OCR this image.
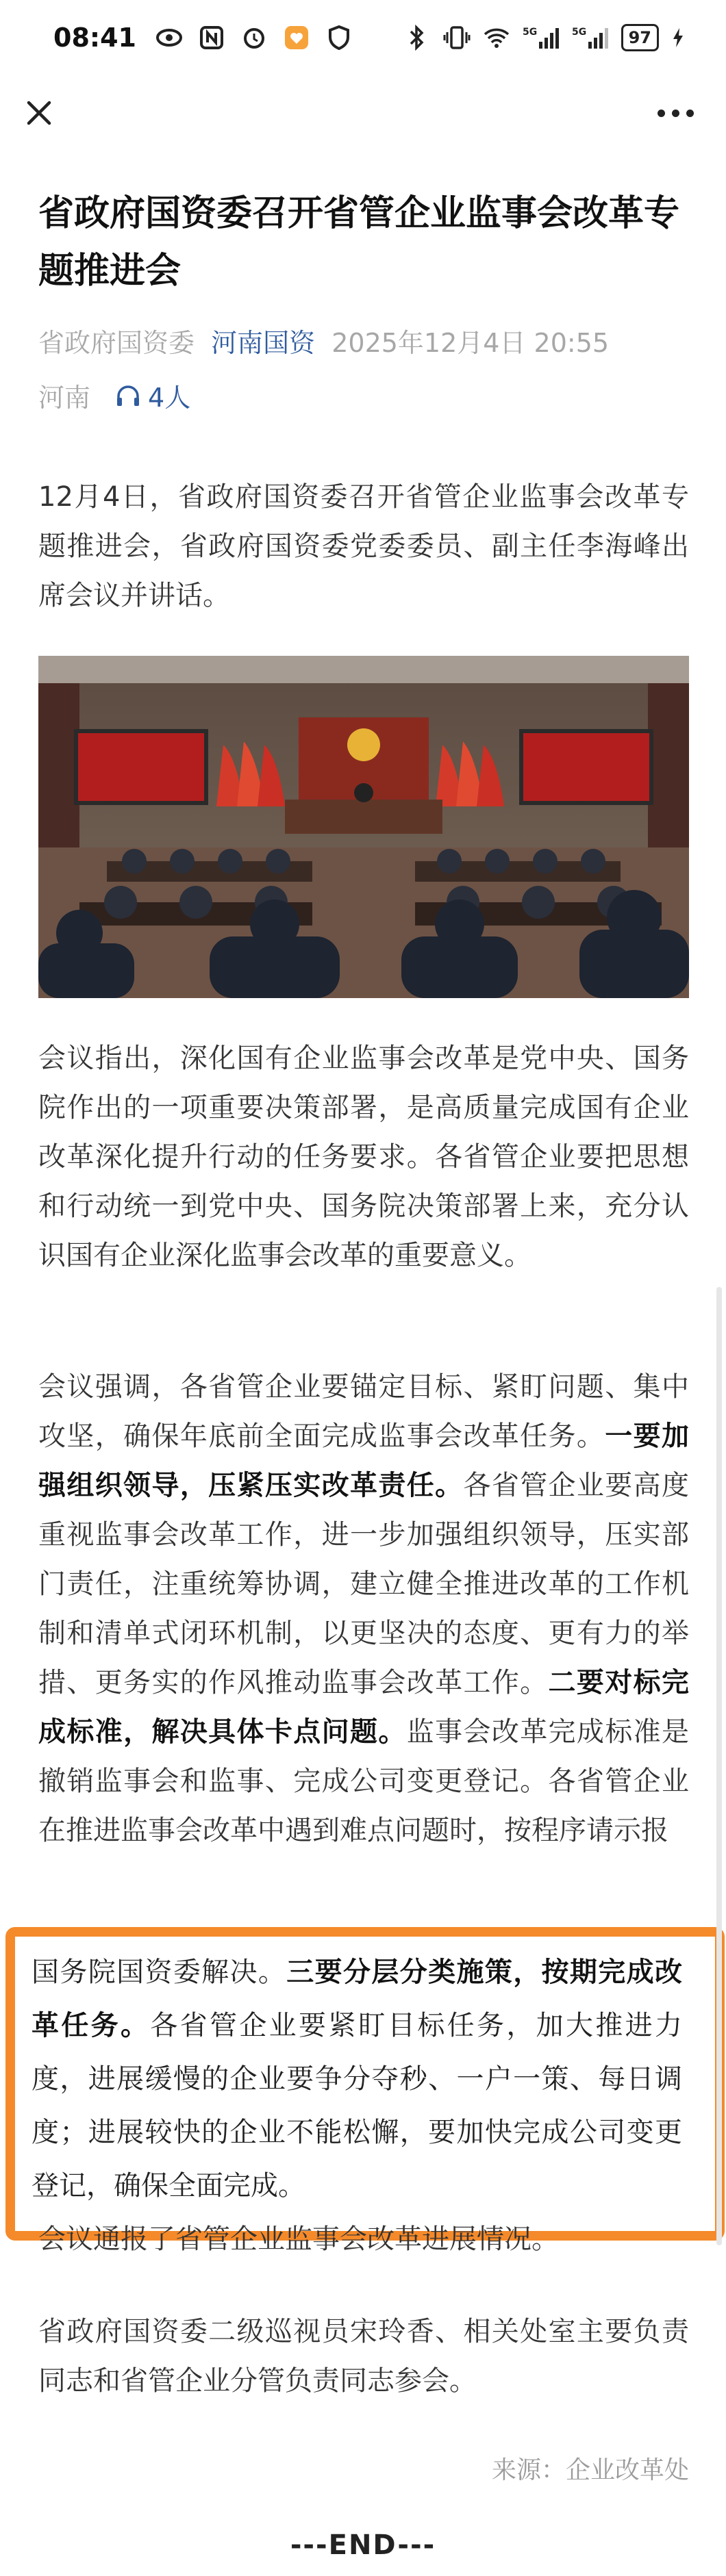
08:41	5G	5G	97
省政府国资委召开省管企业监事会改革专题推进会
省政府国资委 河南国资 2025年12月4日 20:55
河南 4人

12月4日，省政府国资委召开省管企业监事会改革专题推进会，省政府国资委党委委员、副主任李海峰出席会议并讲话。

会议指出，深化国有企业监事会改革是党中央、国务院作出的一项重要决策部署，是高质量完成国有企业改革深化提升行动的任务要求。各省管企业要把思想和行动统一到党中央、国务院决策部署上来，充分认识国有企业深化监事会改革的重要意义。

会议强调，各省管企业要锚定目标、紧盯问题、集中攻坚，确保年底前全面完成监事会改革任务。一要加强组织领导，压紧压实改革责任。各省管企业要高度重视监事会改革工作，进一步加强组织领导，压实部门责任，注重统筹协调，建立健全推进改革的工作机制和清单式闭环机制，以更坚决的态度、更有力的举措、更务实的作风推动监事会改革工作。二要对标完成标准，解决具体卡点问题。监事会改革完成标准是撤销监事会和监事、完成公司变更登记。各省管企业在推进监事会改革中遇到难点问题时，按程序请示报

国务院国资委解决。三要分层分类施策，按期完成改革任务。各省管企业要紧盯目标任务，加大推进力度，进展缓慢的企业要争分夺秒、一户一策、每日调度；进展较快的企业不能松懈，要加快完成公司变更登记，确保全面完成。

会议通报了省管企业监事会改革进展情况。

省政府国资委二级巡视员宋玲香、相关处室主要负责同志和省管企业分管负责同志参会。

来源：企业改革处
---END---
